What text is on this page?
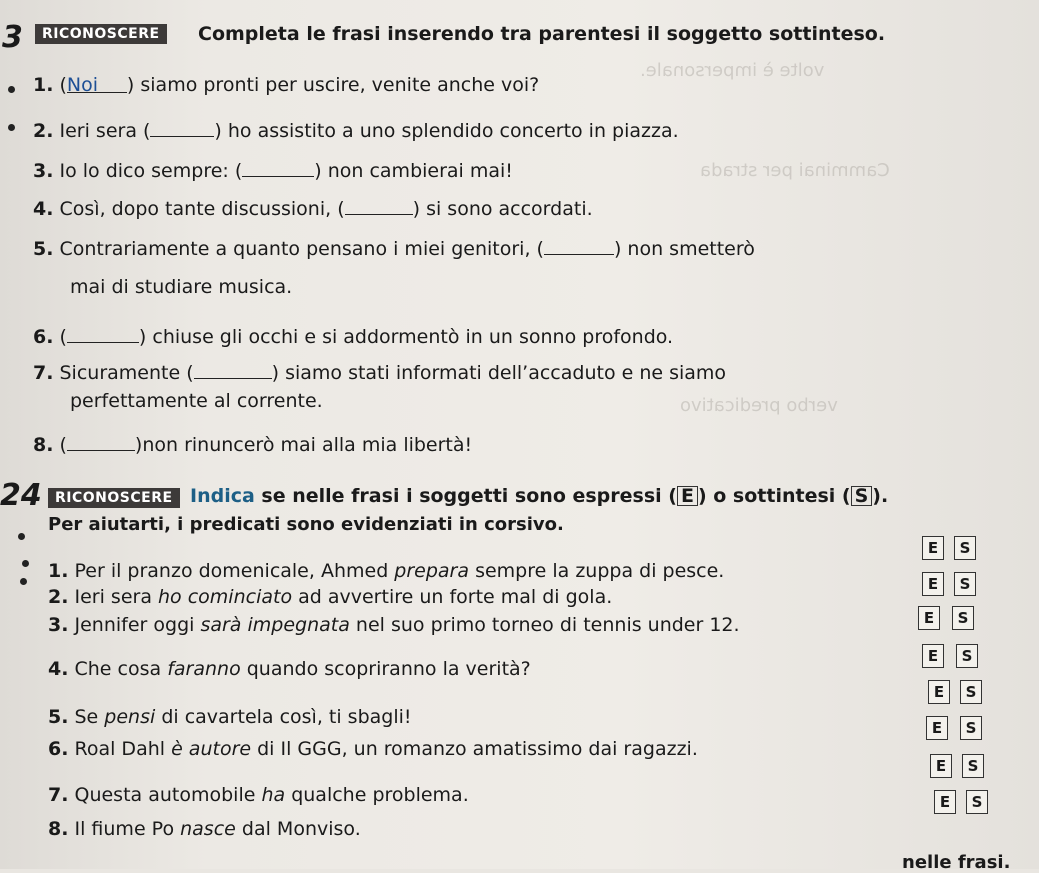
volte è impersonale.
Camminai per strada
verbo predicativo
3	RICONOSCERE	Completa le frasi inserendo tra parentesi il soggetto sottinteso.
1. (Noi ) siamo pronti per uscire, venite anche voi?
2. Ieri sera (	) ho assistito a uno splendido concerto in piazza.
3. Io lo dico sempre: (	) non cambierai mai!
4. Così, dopo tante discussioni, (	) si sono accordati.
5. Contrariamente a quanto pensano i miei genitori, (	) non smetterò
mai di studiare musica.
6. (	) chiuse gli occhi e si addormentò in un sonno profondo.
7. Sicuramente (	) siamo stati informati dell’accaduto e ne siamo
perfettamente al corrente.
8. (	)non rinuncerò mai alla mia libertà!
24 RICONOSCERE Indica se nelle frasi i soggetti sono espressi ( E ) o sottintesi ( S ).
Per aiutarti, i predicati sono evidenziati in corsivo.
1. Per il pranzo domenicale, Ahmed prepara sempre la zuppa di pesce.
2. Ieri sera ho cominciato ad avvertire un forte mal di gola.
3. Jennifer oggi sarà impegnata nel suo primo torneo di tennis under 12.
4. Che cosa faranno quando scopriranno la verità?
5. Se pensi di cavartela così, ti sbagli!
6. Roal Dahl è autore di Il GGG, un romanzo amatissimo dai ragazzi.
7. Questa automobile ha qualche problema.
8. Il fiume Po nasce dal Monviso.
E	S
E	S
E	S
E	S
E	S
E	S
E	S
E	S
nelle frasi.
